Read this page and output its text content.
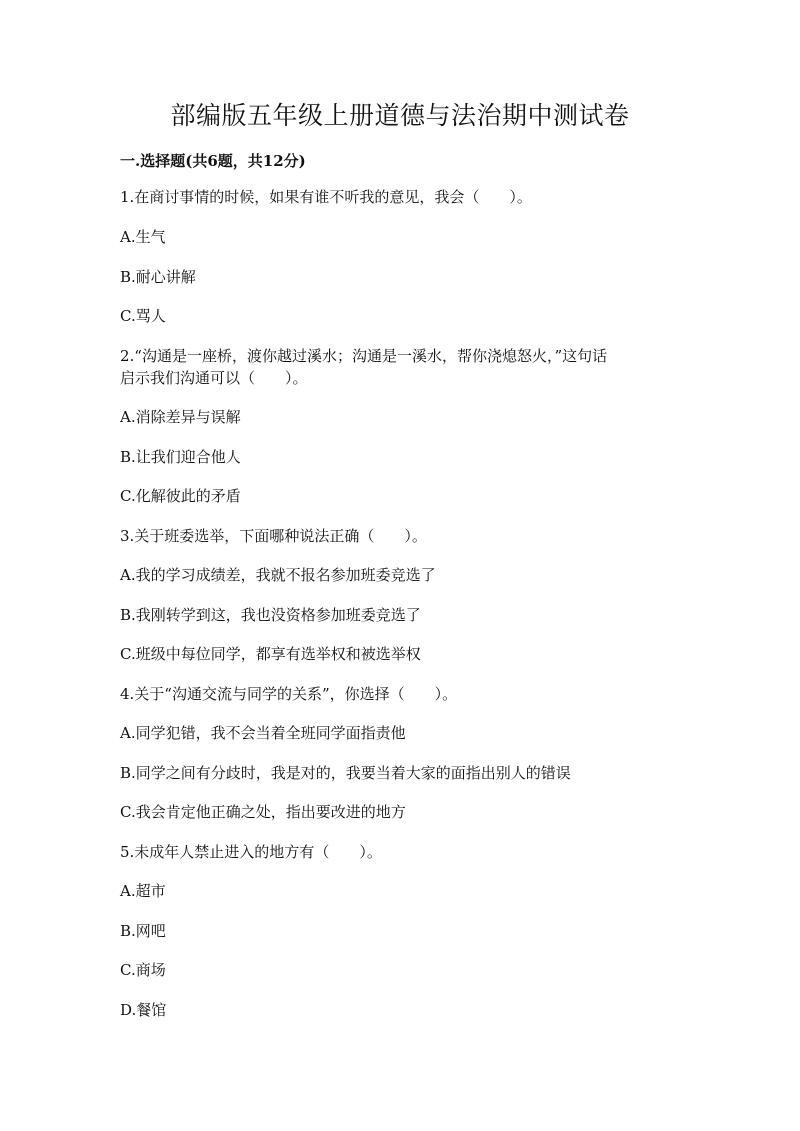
部编版五年级上册道德与法治期中测试卷
一.选择题(共6题，共12分)
1.在商讨事情的时候，如果有谁不听我的意见，我会（　　）。
A.生气
B.耐心讲解
C.骂人
2.“沟通是一座桥，渡你越过溪水；沟通是一溪水，帮你浇熄怒火，”这句话
启示我们沟通可以（　　）。
A.消除差异与误解
B.让我们迎合他人
C.化解彼此的矛盾
3.关于班委选举，下面哪种说法正确（　　）。
A.我的学习成绩差，我就不报名参加班委竞选了
B.我刚转学到这，我也没资格参加班委竞选了
C.班级中每位同学，都享有选举权和被选举权
4.关于“沟通交流与同学的关系”，你选择（　　）。
A.同学犯错，我不会当着全班同学面指责他
B.同学之间有分歧时，我是对的，我要当着大家的面指出别人的错误
C.我会肯定他正确之处，指出要改进的地方
5.未成年人禁止进入的地方有（　　）。
A.超市
B.网吧
C.商场
D.餐馆
